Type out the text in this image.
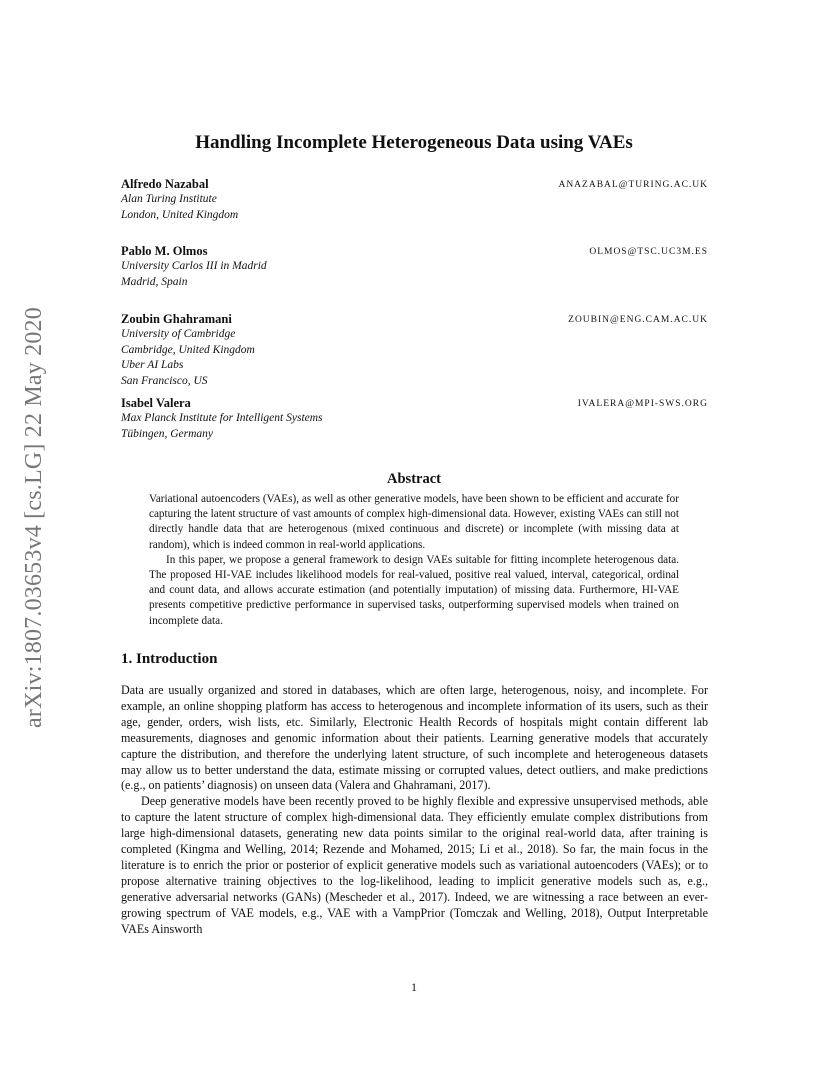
arXiv:1807.03653v4 [cs.LG] 22 May 2020
Handling Incomplete Heterogeneous Data using VAEs
Alfredo Nazabal	ANAZABAL@TURING.AC.UK
Alan Turing Institute
London, United Kingdom
Pablo M. Olmos	OLMOS@TSC.UC3M.ES
University Carlos III in Madrid
Madrid, Spain
Zoubin Ghahramani	ZOUBIN@ENG.CAM.AC.UK
University of Cambridge
Cambridge, United Kingdom
Uber AI Labs
San Francisco, US
Isabel Valera	IVALERA@MPI-SWS.ORG
Max Planck Institute for Intelligent Systems
Tübingen, Germany
Abstract

Variational autoencoders (VAEs), as well as other generative models, have been shown to be efficient and accurate for capturing the latent structure of vast amounts of complex high-dimensional data. However, existing VAEs can still not directly handle data that are heterogenous (mixed continuous and discrete) or incomplete (with missing data at random), which is indeed common in real-world applications.

In this paper, we propose a general framework to design VAEs suitable for fitting incomplete heterogenous data. The proposed HI-VAE includes likelihood models for real-valued, positive real valued, interval, categorical, ordinal and count data, and allows accurate estimation (and potentially imputation) of missing data. Furthermore, HI-VAE presents competitive predictive performance in supervised tasks, outperforming supervised models when trained on incomplete data.

1. Introduction

Data are usually organized and stored in databases, which are often large, heterogenous, noisy, and incomplete. For example, an online shopping platform has access to heterogenous and incomplete information of its users, such as their age, gender, orders, wish lists, etc. Similarly, Electronic Health Records of hospitals might contain different lab measurements, diagnoses and genomic information about their patients. Learning generative models that accurately capture the distribution, and therefore the underlying latent structure, of such incomplete and heterogeneous datasets may allow us to better understand the data, estimate missing or corrupted values, detect outliers, and make predictions (e.g., on patients’ diagnosis) on unseen data (Valera and Ghahramani, 2017).

Deep generative models have been recently proved to be highly flexible and expressive unsupervised methods, able to capture the latent structure of complex high-dimensional data. They efficiently emulate complex distributions from large high-dimensional datasets, generating new data points similar to the original real-world data, after training is completed (Kingma and Welling, 2014; Rezende and Mohamed, 2015; Li et al., 2018). So far, the main focus in the literature is to enrich the prior or posterior of explicit generative models such as variational autoencoders (VAEs); or to propose alternative training objectives to the log-likelihood, leading to implicit generative models such as, e.g., generative adversarial networks (GANs) (Mescheder et al., 2017). Indeed, we are witnessing a race between an ever-growing spectrum of VAE models, e.g., VAE with a VampPrior (Tomczak and Welling, 2018), Output Interpretable VAEs Ainsworth

1
